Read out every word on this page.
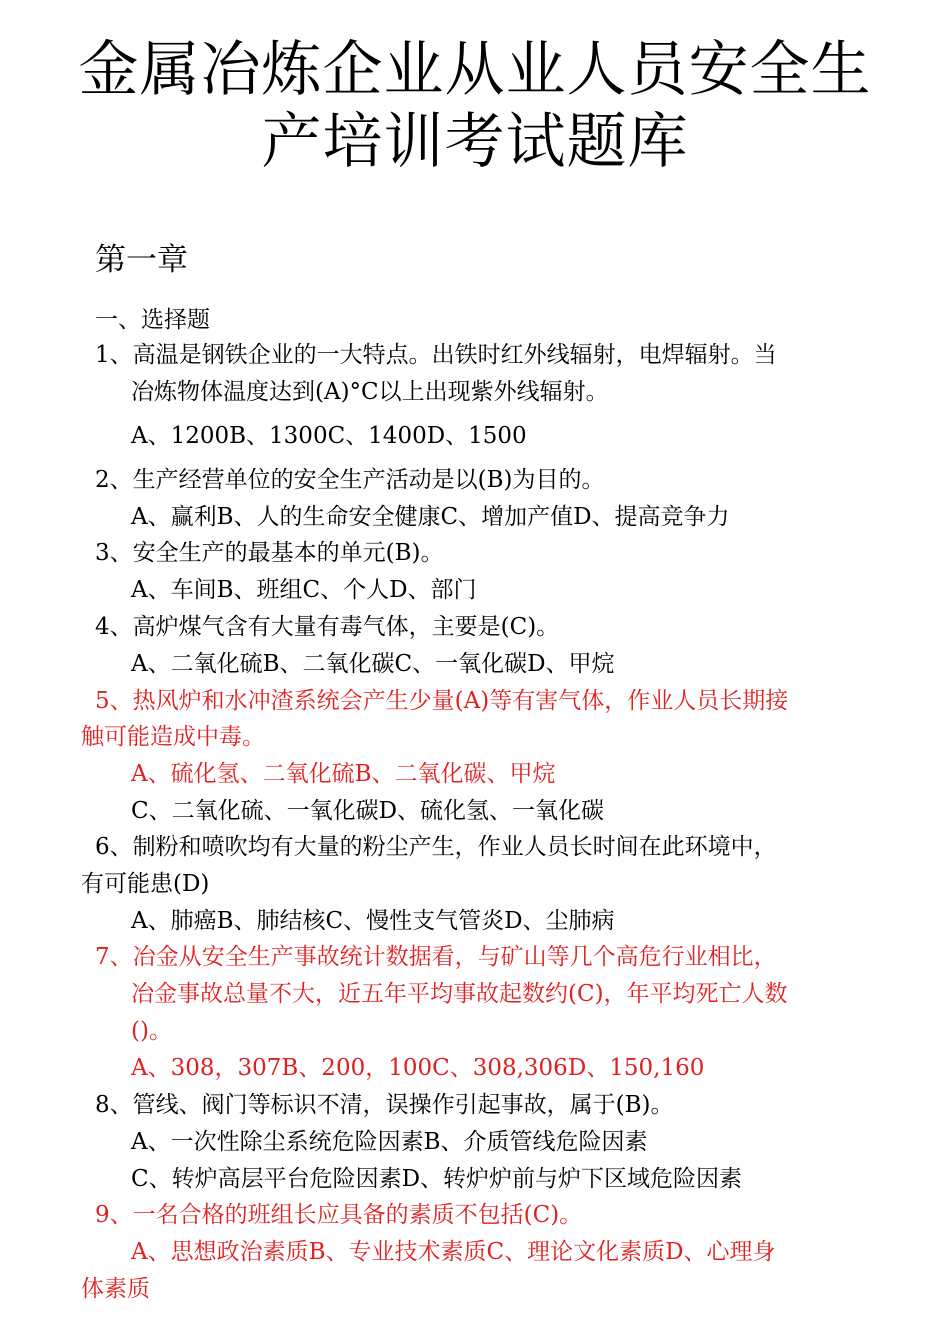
金属冶炼企业从业人员安全生
产培训考试题库
第一章
一、选择题
1、高温是钢铁企业的一大特点。出铁时红外线辐射，电焊辐射。当
冶炼物体温度达到(A)°C以上出现紫外线辐射。
A、1200B、1300C、1400D、1500
2、生产经营单位的安全生产活动是以(B)为目的。
A、赢利B、人的生命安全健康C、增加产值D、提高竞争力
3、安全生产的最基本的单元(B)。
A、车间B、班组C、个人D、部门
4、高炉煤气含有大量有毒气体，主要是(C)。
A、二氧化硫B、二氧化碳C、一氧化碳D、甲烷
5、热风炉和水冲渣系统会产生少量(A)等有害气体，作业人员长期接
触可能造成中毒。
A、硫化氢、二氧化硫B、二氧化碳、甲烷
C、二氧化硫、一氧化碳D、硫化氢、一氧化碳
6、制粉和喷吹均有大量的粉尘产生，作业人员长时间在此环境中，
有可能患(D)
A、肺癌B、肺结核C、慢性支气管炎D、尘肺病
7、冶金从安全生产事故统计数据看，与矿山等几个高危行业相比，
冶金事故总量不大，近五年平均事故起数约(C)，年平均死亡人数
()。
A、308，307B、200，100C、308,306D、150,160
8、管线、阀门等标识不清，误操作引起事故，属于(B)。
A、一次性除尘系统危险因素B、介质管线危险因素
C、转炉高层平台危险因素D、转炉炉前与炉下区域危险因素
9、一名合格的班组长应具备的素质不包括(C)。
A、思想政治素质B、专业技术素质C、理论文化素质D、心理身
体素质
